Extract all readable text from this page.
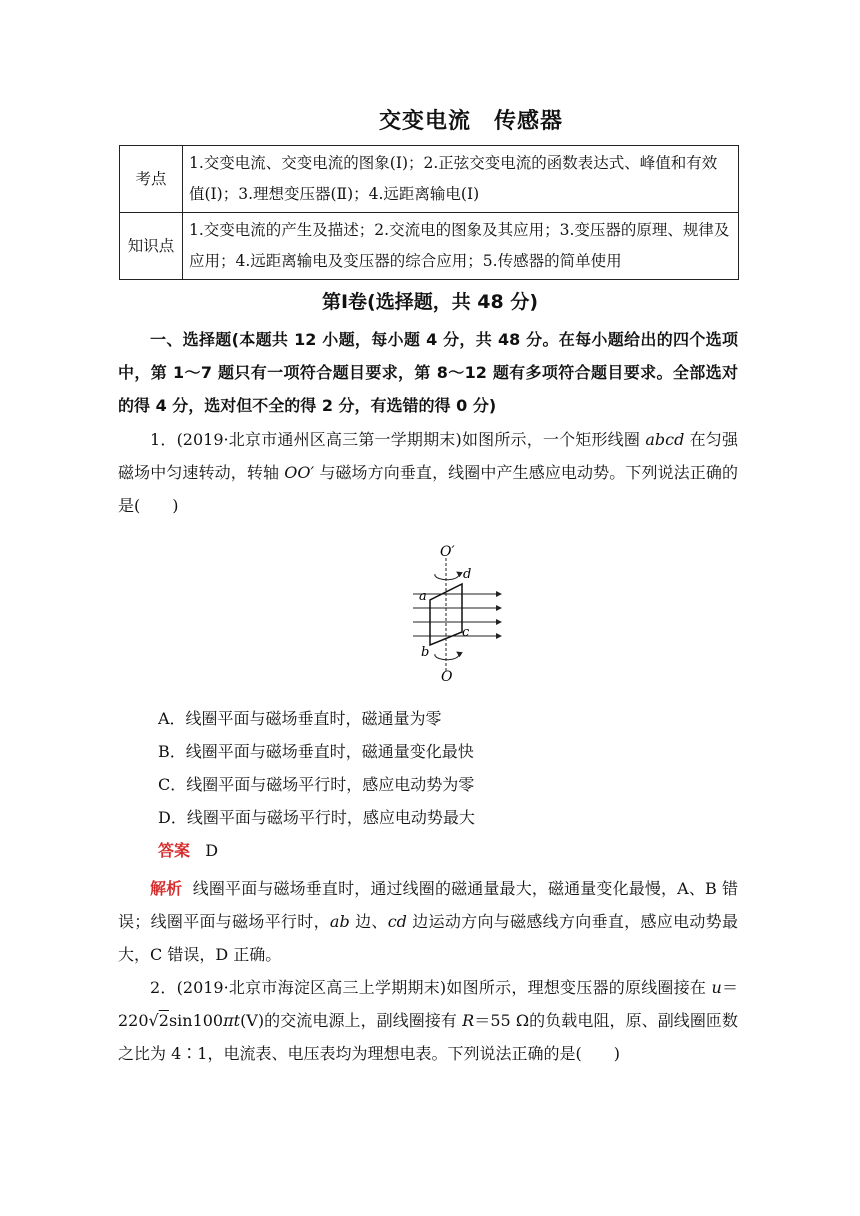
交变电流　传感器
考点	1.交变电流、交变电流的图象(Ⅰ)；2.正弦交变电流的函数表达式、峰值和有效值(Ⅰ)；3.理想变压器(Ⅱ)；4.远距离输电(Ⅰ)
知识点	1.交变电流的产生及描述；2.交流电的图象及其应用；3.变压器的原理、规律及应用；4.远距离输电及变压器的综合应用；5.传感器的简单使用
第Ⅰ卷(选择题，共 48 分)
一、选择题(本题共 12 小题，每小题 4 分，共 48 分。在每小题给出的四个选项中，第 1～7 题只有一项符合题目要求，第 8～12 题有多项符合题目要求。全部选对的得 4 分，选对但不全的得 2 分，有选错的得 0 分)
1．(2019·北京市通州区高三第一学期期末)如图所示，一个矩形线圈 abcd 在匀强磁场中匀速转动，转轴 OO′ 与磁场方向垂直，线圈中产生感应电动势。下列说法正确的是(　　)
O′
a
b
c
d
O
A．线圈平面与磁场垂直时，磁通量为零
B．线圈平面与磁场垂直时，磁通量变化最快
C．线圈平面与磁场平行时，感应电动势为零
D．线圈平面与磁场平行时，感应电动势最大
答案 D
解析 线圈平面与磁场垂直时，通过线圈的磁通量最大，磁通量变化最慢，A、B 错误；线圈平面与磁场平行时，ab 边、cd 边运动方向与磁感线方向垂直，感应电动势最大，C 错误，D 正确。
2．(2019·北京市海淀区高三上学期期末)如图所示，理想变压器的原线圈接在 u＝220√2sin100πt(V)的交流电源上，副线圈接有 R＝55 Ω的负载电阻，原、副线圈匝数之比为 4∶1，电流表、电压表均为理想电表。下列说法正确的是(　　)
